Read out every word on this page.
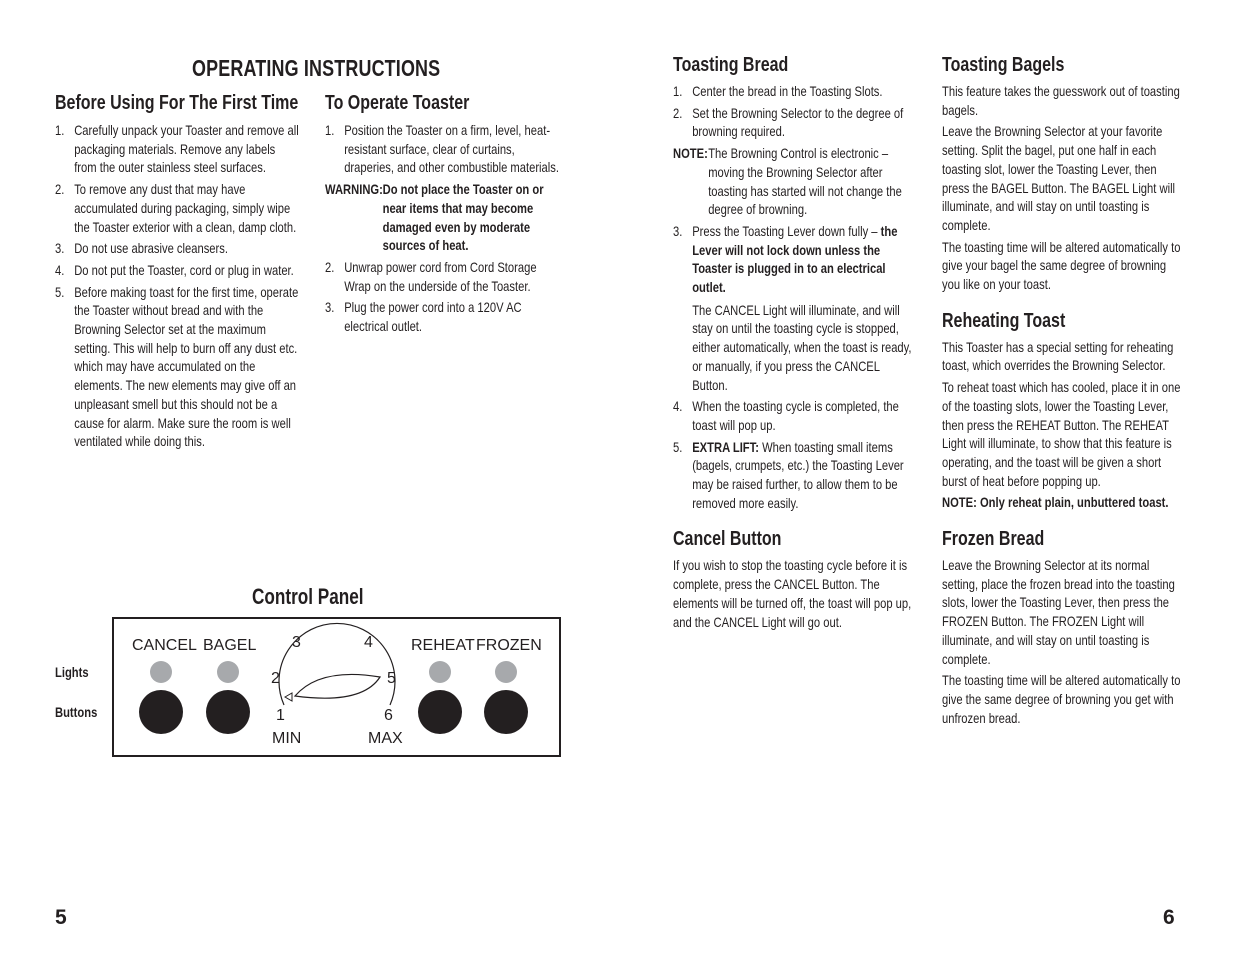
OPERATING INSTRUCTIONS
Before Using For The First Time
1. Carefully unpack your Toaster and remove all packaging materials. Remove any labels from the outer stainless steel surfaces.
2. To remove any dust that may have accumulated during packaging, simply wipe the Toaster exterior with a clean, damp cloth.
3. Do not use abrasive cleansers.
4. Do not put the Toaster, cord or plug in water.
5. Before making toast for the first time, operate the Toaster without bread and with the Browning Selector set at the maximum setting. This will help to burn off any dust etc. which may have accumulated on the elements. The new elements may give off an unpleasant smell but this should not be a cause for alarm. Make sure the room is well ventilated while doing this.
To Operate Toaster
1. Position the Toaster on a firm, level, heat-resistant surface, clear of curtains, draperies, and other combustible materials.
WARNING: Do not place the Toaster on or near items that may become damaged even by moderate sources of heat.
2. Unwrap power cord from Cord Storage Wrap on the underside of the Toaster.
3. Plug the power cord into a 120V AC electrical outlet.
Control Panel
Lights
Buttons
CANCEL BAGEL	REHEAT FROZEN
3	4
2	5
1	6
MIN	MAX
5
Toasting Bread
1. Center the bread in the Toasting Slots.
2. Set the Browning Selector to the degree of browning required.
NOTE: The Browning Control is electronic – moving the Browning Selector after toasting has started will not change the degree of browning.
3. Press the Toasting Lever down fully – the Lever will not lock down unless the Toaster is plugged in to an electrical outlet.

The CANCEL Light will illuminate, and will stay on until the toasting cycle is stopped, either automatically, when the toast is ready, or manually, if you press the CANCEL Button.

4. When the toasting cycle is completed, the toast will pop up.
5. EXTRA LIFT: When toasting small items (bagels, crumpets, etc.) the Toasting Lever may be raised further, to allow them to be removed more easily.
Cancel Button

If you wish to stop the toasting cycle before it is complete, press the CANCEL Button. The elements will be turned off, the toast will pop up, and the CANCEL Light will go out.

Toasting Bagels

This feature takes the guesswork out of toasting bagels.

Leave the Browning Selector at your favorite setting. Split the bagel, put one half in each toasting slot, lower the Toasting Lever, then press the BAGEL Button. The BAGEL Light will illuminate, and will stay on until toasting is complete.

The toasting time will be altered automatically to give your bagel the same degree of browning you like on your toast.

Reheating Toast

This Toaster has a special setting for reheating toast, which overrides the Browning Selector.

To reheat toast which has cooled, place it in one of the toasting slots, lower the Toasting Lever, then press the REHEAT Button. The REHEAT Light will illuminate, to show that this feature is operating, and the toast will be given a short burst of heat before popping up.

NOTE: Only reheat plain, unbuttered toast.

Frozen Bread

Leave the Browning Selector at its normal setting, place the frozen bread into the toasting slots, lower the Toasting Lever, then press the FROZEN Button. The FROZEN Light will illuminate, and will stay on until toasting is complete.

The toasting time will be altered automatically to give the same degree of browning you get with unfrozen bread.

6
